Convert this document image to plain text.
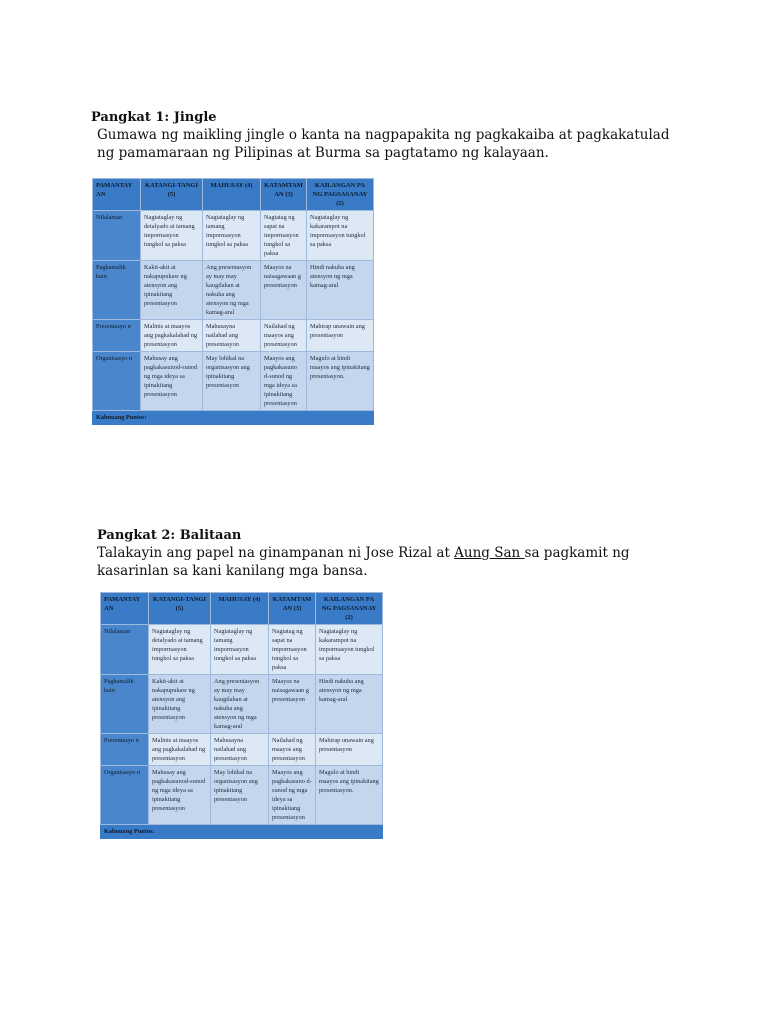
Pangkat 1: Jingle

Gumawa ng maikling jingle o kanta na nagpapakita ng pagkakaiba at pagkakatulad

ng pamamaraan ng Pilipinas at Burma sa pagtatamo ng kalayaan.

PAMANTAY AN	KATANGI-TANGI (5)	MAHUSAY (4)	KATAMTAM AN (3)	KAILANGAN PA NG PAGSASANAY (2)
Nilalaman	Nagtataglay ng detalyado at tamang impormasyon tungkol sa paksa	Nagtataglay ng tamang impormasyon tungkol sa paksa	Nagtatag ng sapat na impormasyon tungkol sa paksa	Nagtataglay ng kakarampot na impormasyon tungkol sa paksa
Pagkamalik hain	Kakit-akit at nakapupukaw ng atensyon ang ipinakitang presentasyon	Ang presentasyon ay may may kaugilahan at nakuha ang atensyon ng mga kamag-aral	Maayos na naisagawaan g presentasyon	Hindi nakuha ang atensyon ng mga kamag-aral
Presentasyo n	Malinis at maayos ang pagkakalahad ng presentasyon	Mahusayna nailahad ang presentasyon	Nailahad ng maayos ang presentasyon	Mahirap unawain ang presentasyon
Organisasyo n	Mahusay ang pagkakasunod-sunod ng mga ideya sa ipinakitang presentasyon	May lohikal na organisasyon ang ipinakitang presentasyon	Maayos ang pagkakasuno d-sunod ng mga ideya sa ipinakitang presentasyon	Magulo at hindi maayos ang ipinakitang presentasyon.
Kabuuang Puntos:				
Pangkat 2: Balitaan

Talakayin ang papel na ginampanan ni Jose Rizal at Aung San sa pagkamit ng

kasarinlan sa kani kanilang mga bansa.

PAMANTAY AN	KATANGI-TANGI (5)	MAHUSAY (4)	KATAMTAM AN (3)	KAILANGAN PA NG PAGSASANAY (2)
Nilalaman	Nagtataglay ng detalyado at tamang impormasyon tungkol sa paksa	Nagtataglay ng tamang impormasyon tungkol sa paksa	Nagtatag ng sapat na impormasyon tungkol sa paksa	Nagtataglay ng kakarampot na impormasyon tungkol sa paksa
Pagkamalik hain	Kakit-akit at nakapupukaw ng atensyon ang ipinakitang presentasyon	Ang presentasyon ay may may kaugilahan at nakuha ang atensyon ng mga kamag-aral	Maayos na naisagawaan g presentasyon	Hindi nakuha ang atensyon ng mga kamag-aral
Presentasyo n	Malinis at maayos ang pagkakalahad ng presentasyon	Mahusayna nailahad ang presentasyon	Nailahad ng maayos ang presentasyon	Mahirap unawain ang presentasyon
Organisasyo n	Mahusay ang pagkakasunod-sunod ng mga ideya sa ipinakitang presentasyon	May lohikal na organisasyon ang ipinakitang presentasyon	Maayos ang pagkakasuno d-sunod ng mga ideya sa ipinakitang presentasyon	Magulo at hindi maayos ang ipinakitang presentasyon.
Kabuuang Puntos:				
